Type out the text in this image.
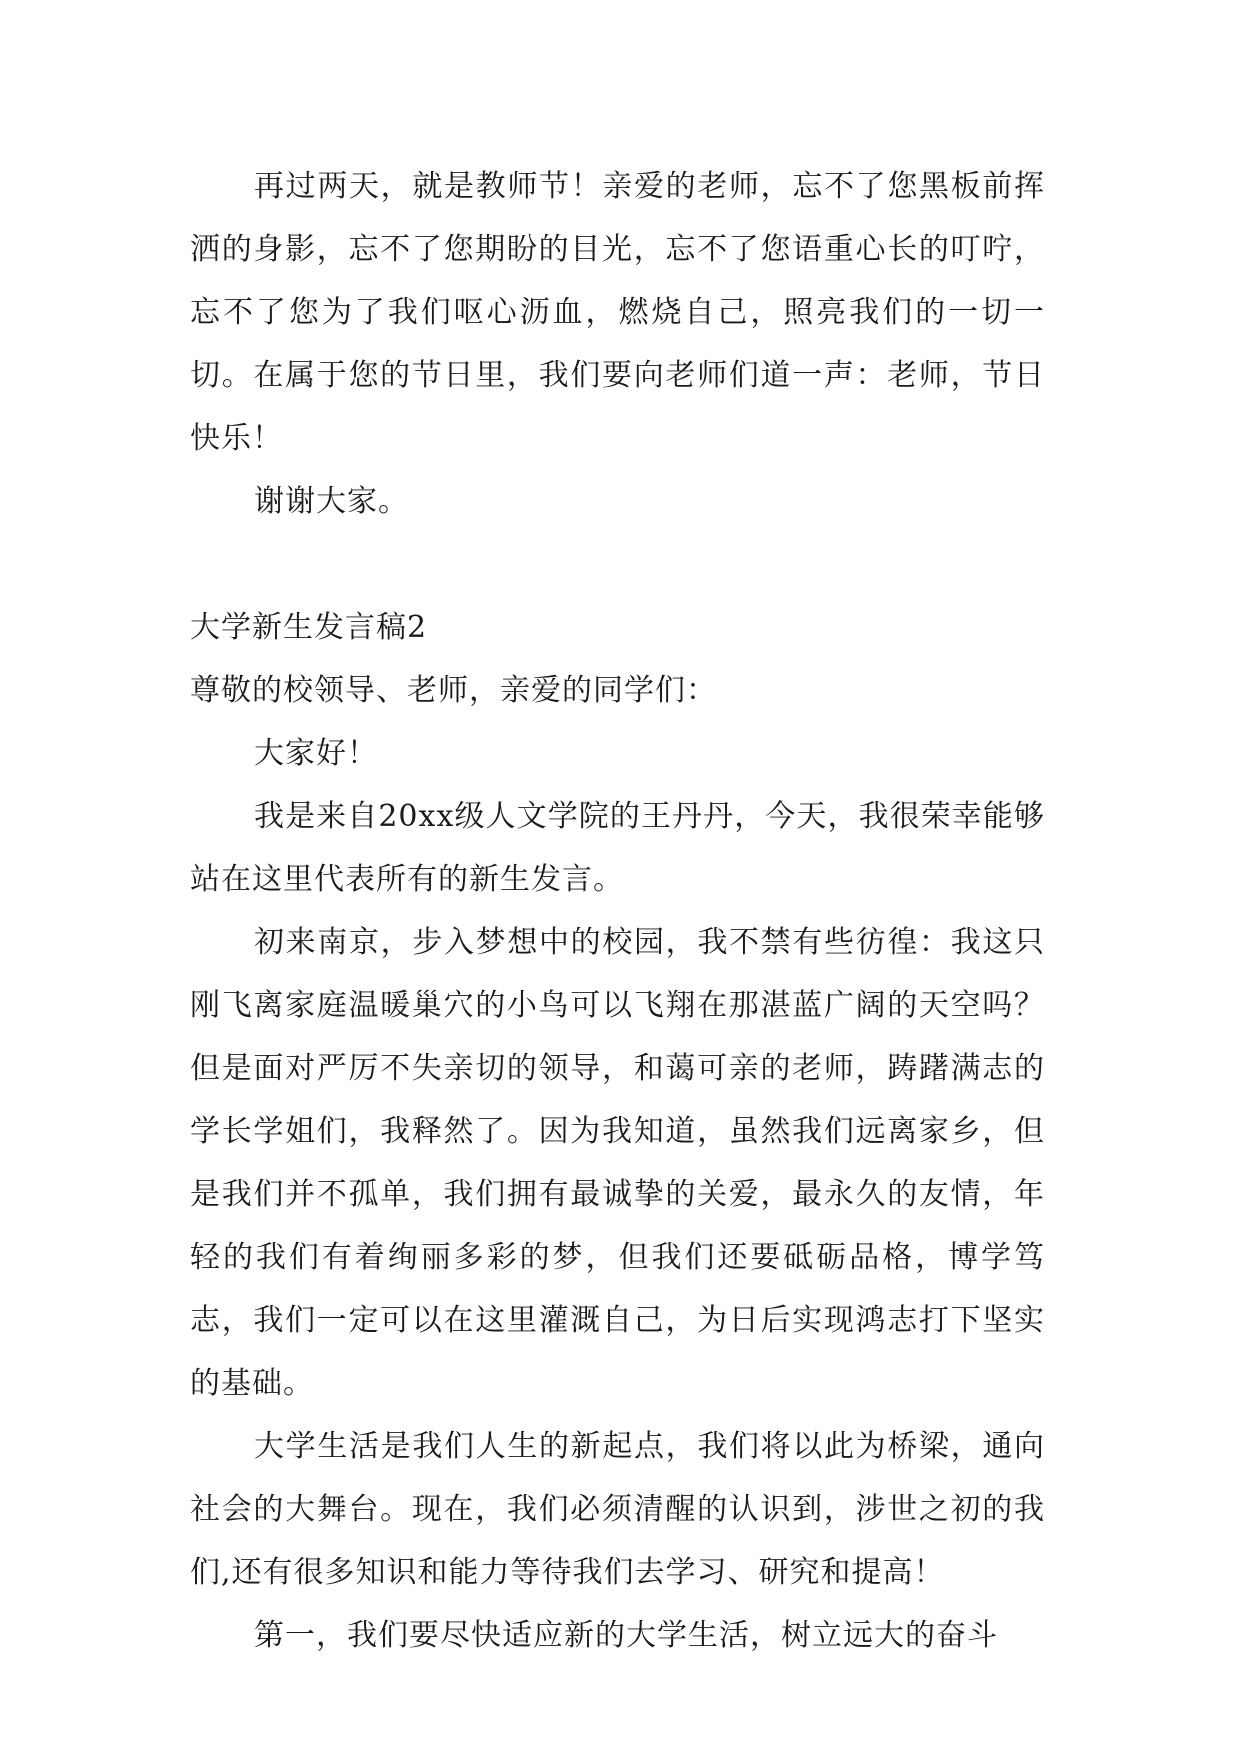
再过两天，就是教师节！亲爱的老师，忘不了您黑板前挥洒的身影，忘不了您期盼的目光，忘不了您语重心长的叮咛，忘不了您为了我们呕心沥血，燃烧自己，照亮我们的一切一切。在属于您的节日里，我们要向老师们道一声：老师，节日快乐！

谢谢大家。

大学新生发言稿2

尊敬的校领导、老师，亲爱的同学们：

大家好！

我是来自20xx级人文学院的王丹丹，今天，我很荣幸能够站在这里代表所有的新生发言。

初来南京，步入梦想中的校园，我不禁有些彷徨：我这只刚飞离家庭温暖巢穴的小鸟可以飞翔在那湛蓝广阔的天空吗？但是面对严厉不失亲切的领导，和蔼可亲的老师，踌躇满志的学长学姐们，我释然了。因为我知道，虽然我们远离家乡，但是我们并不孤单，我们拥有最诚挚的关爱，最永久的友情，年轻的我们有着绚丽多彩的梦，但我们还要砥砺品格，博学笃志，我们一定可以在这里灌溉自己，为日后实现鸿志打下坚实的基础。

大学生活是我们人生的新起点，我们将以此为桥梁，通向社会的大舞台。现在，我们必须清醒的认识到，涉世之初的我们,还有很多知识和能力等待我们去学习、研究和提高！

第一，我们要尽快适应新的大学生活，树立远大的奋斗
